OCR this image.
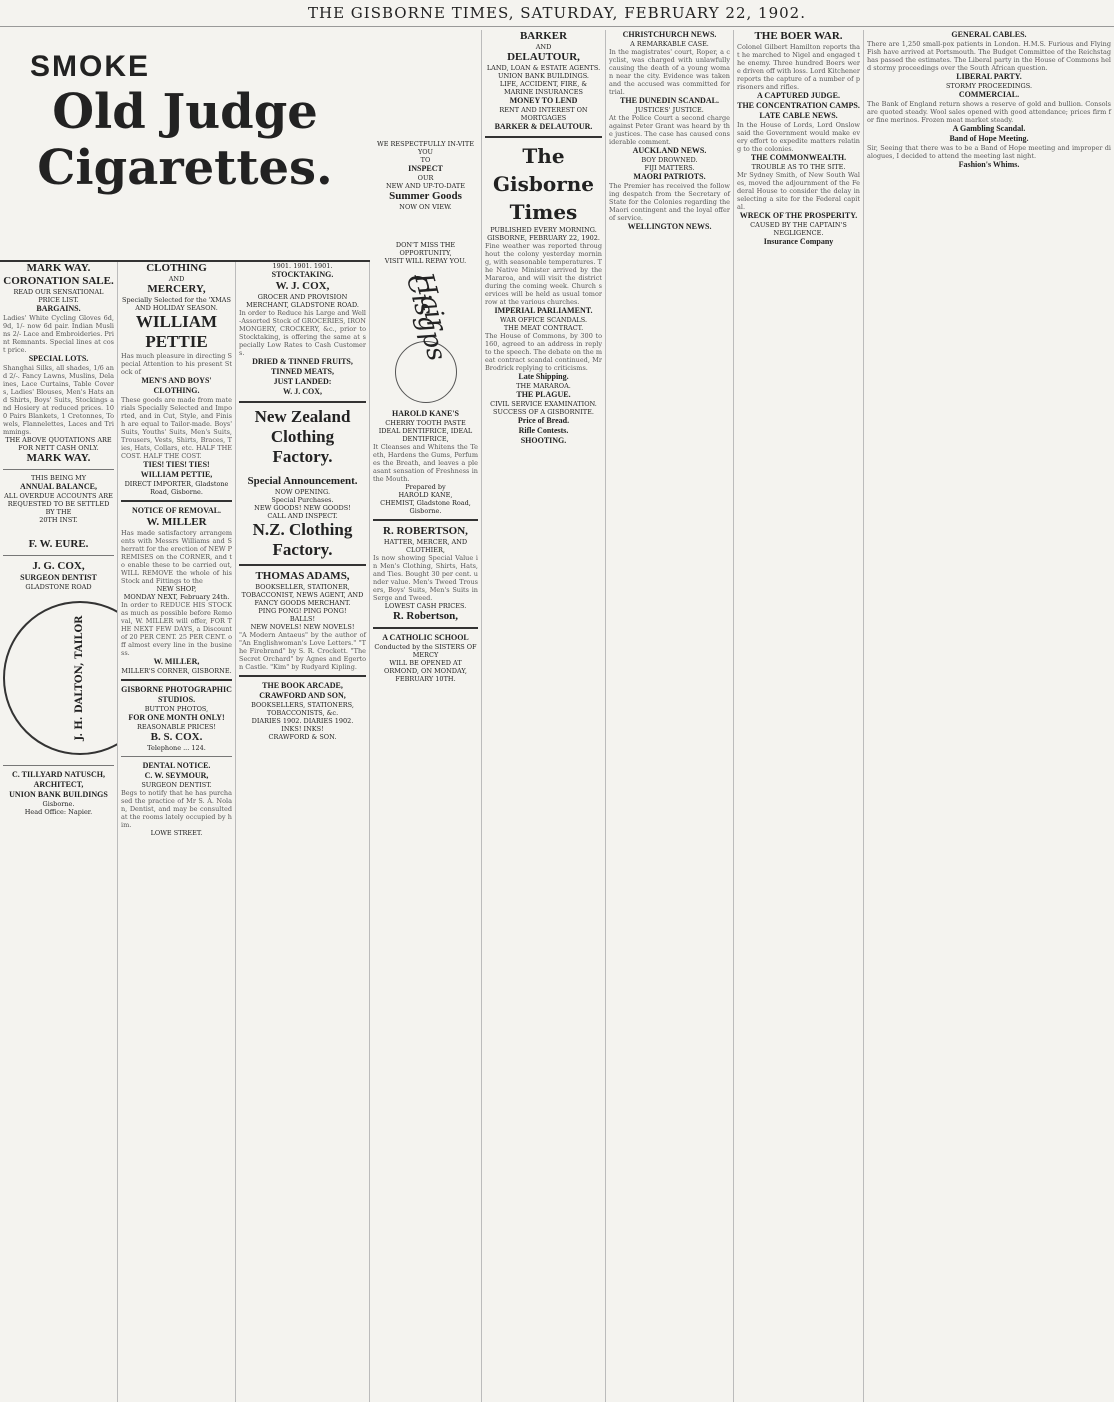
THE GISBORNE TIMES, SATURDAY, FEBRUARY 22, 1902.
SMOKE
Old Judge
Cigarettes.
MARK WAY.
CORONATION SALE.
READ OUR SENSATIONAL PRICE LIST.
BARGAINS.
Ladies' White Cycling Gloves 6d, 9d, 1/- now 6d pair. Indian Muslins 2/- Lace and Embroideries. Print Remnants. Special lines at cost price.
SPECIAL LOTS.
Shanghai Silks, all shades, 1/6 and 2/-. Fancy Lawns, Muslins, Delaines, Lace Curtains, Table Covers, Ladies' Blouses, Men's Hats and Shirts, Boys' Suits, Stockings and Hosiery at reduced prices. 100 Pairs Blankets, 1 Cretonnes, Towels, Flannelettes, Laces and Trimmings.
THE ABOVE QUOTATIONS ARE FOR NETT CASH ONLY.
MARK WAY.
THIS BEING MY
ANNUAL BALANCE,
ALL OVERDUE ACCOUNTS ARE REQUESTED TO BE SETTLED BY THE
20TH INST.
F. W. EURE.
J. G. COX,
SURGEON DENTIST
GLADSTONE ROAD
J. H. DALTON, TAILOR
C. TILLYARD NATUSCH, ARCHITECT,
UNION BANK BUILDINGS
Gisborne.
Head Office: Napier.
CLOTHING
AND
MERCERY,
Specially Selected for the 'XMAS AND HOLIDAY SEASON.
WILLIAM
PETTIE
Has much pleasure in directing Special Attention to his present Stock of
MEN'S AND BOYS' CLOTHING.
These goods are made from materials Specially Selected and Imported, and in Cut, Style, and Finish are equal to Tailor-made. Boys' Suits, Youths' Suits, Men's Suits, Trousers, Vests, Shirts, Braces, Ties, Hats, Collars, etc. HALF THE COST. HALF THE COST.
TIES! TIES! TIES!
WILLIAM PETTIE,
DIRECT IMPORTER, Gladstone Road, Gisborne.
NOTICE OF REMOVAL.
W. MILLER
Has made satisfactory arrangements with Messrs Williams and Sherratt for the erection of NEW PREMISES on the CORNER, and to enable these to be carried out, WILL REMOVE the whole of his Stock and Fittings to the
NEW SHOP,
MONDAY NEXT, February 24th.
In order to REDUCE HIS STOCK as much as possible before Removal, W. MILLER will offer, FOR THE NEXT FEW DAYS, a Discount of 20 PER CENT. 25 PER CENT. off almost every line in the business.
W. MILLER,
MILLER'S CORNER, GISBORNE.
GISBORNE PHOTOGRAPHIC STUDIOS.
BUTTON PHOTOS,
FOR ONE MONTH ONLY!
REASONABLE PRICES!
B. S. COX.
Telephone ... 124.
DENTAL NOTICE.
C. W. SEYMOUR,
SURGEON DENTIST.
Begs to notify that he has purchased the practice of Mr S. A. Nolan, Dentist, and may be consulted at the rooms lately occupied by him.
LOWE STREET.
1901. 1901. 1901.
STOCKTAKING.
W. J. COX,
GROCER AND PROVISION MERCHANT, GLADSTONE ROAD.
In order to Reduce his Large and Well-Assorted Stock of GROCERIES, IRONMONGERY, CROCKERY, &c., prior to Stocktaking, is offering the same at specially Low Rates to Cash Customers.
DRIED & TINNED FRUITS,
TINNED MEATS,
JUST LANDED:
W. J. COX,
New Zealand Clothing Factory.
Special Announcement.
NOW OPENING.
Special Purchases.
NEW GOODS! NEW GOODS!
CALL AND INSPECT.
N.Z. Clothing Factory.
THOMAS ADAMS,
BOOKSELLER, STATIONER, TOBACCONIST, NEWS AGENT, AND FANCY GOODS MERCHANT.
PING PONG! PING PONG!
BALLS!
NEW NOVELS! NEW NOVELS!
"A Modern Antaeus" by the author of "An Englishwoman's Love Letters." "The Firebrand" by S. R. Crockett. "The Secret Orchard" by Agnes and Egerton Castle. "Kim" by Rudyard Kipling.
THE BOOK ARCADE,
CRAWFORD AND SON,
BOOKSELLERS, STATIONERS, TOBACCONISTS, &c.
DIARIES 1902. DIARIES 1902.
INKS! INKS!
CRAWFORD & SON.
WE RESPECTFULLY IN-VITE YOU
TO
INSPECT
OUR
NEW AND UP-TO-DATE
Summer Goods
NOW ON VIEW.
DON'T MISS THE OPPORTUNITY,
VISIT WILL REPAY YOU.
Hair Cisgps
HAROLD KANE'S
CHERRY TOOTH PASTE
IDEAL DENTIFRICE, IDEAL DENTIFRICE,
It Cleanses and Whitens the Teeth, Hardens the Gums, Perfumes the Breath, and leaves a pleasant sensation of Freshness in the Mouth.
Prepared by
HAROLD KANE,
CHEMIST, Gladstone Road, Gisborne.
R. ROBERTSON,
HATTER, MERCER, AND CLOTHIER,
Is now showing Special Value in Men's Clothing, Shirts, Hats, and Ties. Bought 30 per cent. under value. Men's Tweed Trousers, Boys' Suits, Men's Suits in Serge and Tweed.
LOWEST CASH PRICES.
R. Robertson,
A CATHOLIC SCHOOL
Conducted by the SISTERS OF MERCY
WILL BE OPENED AT ORMOND, ON MONDAY, FEBRUARY 10TH.
BARKER
AND
DELAUTOUR,
LAND, LOAN & ESTATE AGENTS.
UNION BANK BUILDINGS.
LIFE, ACCIDENT, FIRE, & MARINE INSURANCES
MONEY TO LEND
RENT AND INTEREST ON MORTGAGES
BARKER & DELAUTOUR.
The Gisborne Times
PUBLISHED EVERY MORNING.
GISBORNE, FEBRUARY 22, 1902.
Fine weather was reported throughout the colony yesterday morning, with seasonable temperatures. The Native Minister arrived by the Mararoa, and will visit the district during the coming week. Church services will be held as usual tomorrow at the various churches.
IMPERIAL PARLIAMENT.
WAR OFFICE SCANDALS.
THE MEAT CONTRACT.
The House of Commons, by 300 to 160, agreed to an address in reply to the speech. The debate on the meat contract scandal continued, Mr Brodrick replying to criticisms.
Late Shipping.
THE MARAROA.
THE PLAGUE.
CIVIL SERVICE EXAMINATION.
SUCCESS OF A GISBORNITE.
Price of Bread.
Rifle Contests.
SHOOTING.
CHRISTCHURCH NEWS.
A REMARKABLE CASE.
In the magistrates' court, Roper, a cyclist, was charged with unlawfully causing the death of a young woman near the city. Evidence was taken and the accused was committed for trial.
THE DUNEDIN SCANDAL.
JUSTICES' JUSTICE.
At the Police Court a second charge against Peter Grant was heard by the justices. The case has caused considerable comment.
AUCKLAND NEWS.
BOY DROWNED.
FIJI MATTERS.
MAORI PATRIOTS.
The Premier has received the following despatch from the Secretary of State for the Colonies regarding the Maori contingent and the loyal offer of service.
WELLINGTON NEWS.
THE BOER WAR.
Colonel Gilbert Hamilton reports that he marched to Nigel and engaged the enemy. Three hundred Boers were driven off with loss. Lord Kitchener reports the capture of a number of prisoners and rifles.
A CAPTURED JUDGE.
THE CONCENTRATION CAMPS.
LATE CABLE NEWS.
In the House of Lords, Lord Onslow said the Government would make every effort to expedite matters relating to the colonies.
THE COMMONWEALTH.
TROUBLE AS TO THE SITE.
Mr Sydney Smith, of New South Wales, moved the adjournment of the Federal House to consider the delay in selecting a site for the Federal capital.
WRECK OF THE PROSPERITY.
CAUSED BY THE CAPTAIN'S NEGLIGENCE.
Insurance Company
GENERAL CABLES.
There are 1,250 small-pox patients in London. H.M.S. Furious and Flying Fish have arrived at Portsmouth. The Budget Committee of the Reichstag has passed the estimates. The Liberal party in the House of Commons held stormy proceedings over the South African question.
LIBERAL PARTY.
STORMY PROCEEDINGS.
COMMERCIAL.
The Bank of England return shows a reserve of gold and bullion. Consols are quoted steady. Wool sales opened with good attendance; prices firm for fine merinos. Frozen meat market steady.
A Gambling Scandal.
Band of Hope Meeting.
Sir, Seeing that there was to be a Band of Hope meeting and improper dialogues, I decided to attend the meeting last night.
Fashion's Whims.
